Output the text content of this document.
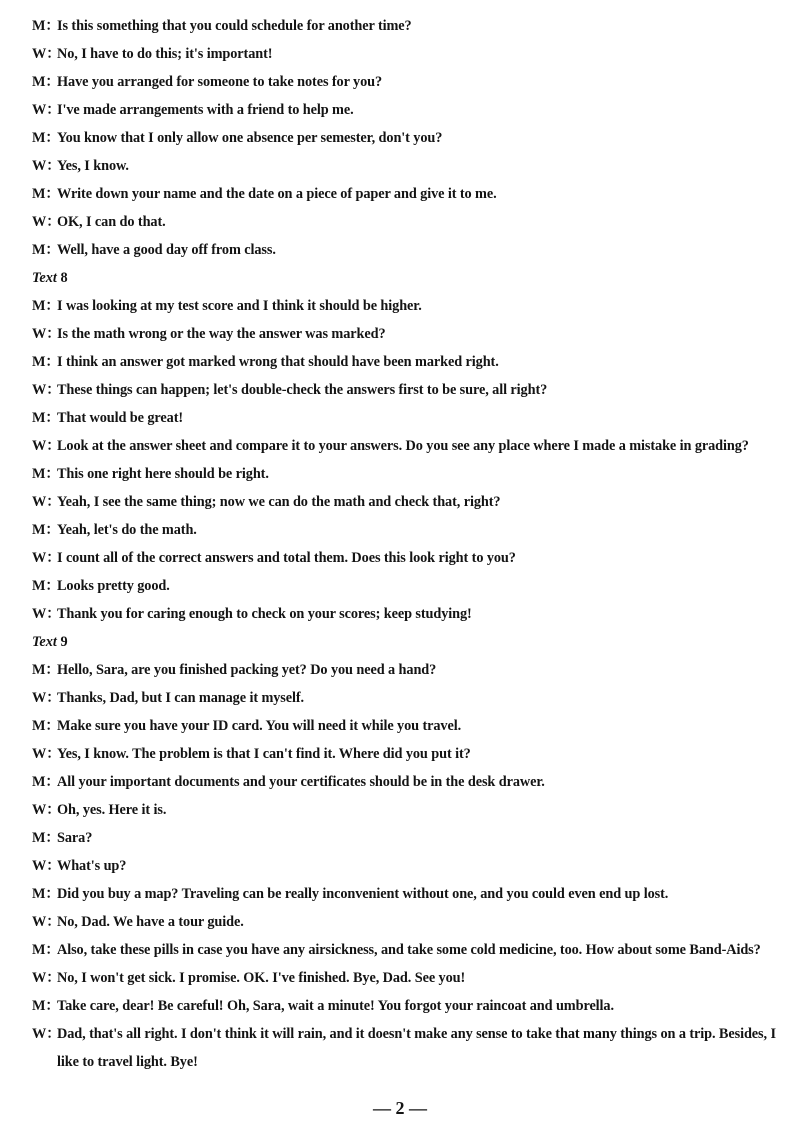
M：
Is this something that you could schedule for another time?
W：
No, I have to do this; it's important!
M：
Have you arranged for someone to take notes for you?
W：
I've made arrangements with a friend to help me.
M：
You know that I only allow one absence per semester, don't you?
W：
Yes, I know.
M：
Write down your name and the date on a piece of paper and give it to me.
W：
OK, I can do that.
M：
Well, have a good day off from class.
Text 8
M：
I was looking at my test score and I think it should be higher.
W：
Is the math wrong or the way the answer was marked?
M：
I think an answer got marked wrong that should have been marked right.
W：
These things can happen; let's double-check the answers first to be sure, all right?
M：
That would be great!
W：
Look at the answer sheet and compare it to your answers. Do you see any place where I made a mistake in grading?
M：
This one right here should be right.
W：
Yeah, I see the same thing; now we can do the math and check that, right?
M：
Yeah, let's do the math.
W：
I count all of the correct answers and total them. Does this look right to you?
M：
Looks pretty good.
W：
Thank you for caring enough to check on your scores; keep studying!
Text 9
M：
Hello, Sara, are you finished packing yet? Do you need a hand?
W：
Thanks, Dad, but I can manage it myself.
M：
Make sure you have your ID card. You will need it while you travel.
W：
Yes, I know. The problem is that I can't find it. Where did you put it?
M：
All your important documents and your certificates should be in the desk drawer.
W：
Oh, yes. Here it is.
M：
Sara?
W：
What's up?
M：
Did you buy a map? Traveling can be really inconvenient without one, and you could even end up lost.
W：
No, Dad. We have a tour guide.
M：
Also, take these pills in case you have any airsickness, and take some cold medicine, too. How about some Band-Aids?
W：
No, I won't get sick. I promise. OK. I've finished. Bye, Dad. See you!
M：
Take care, dear! Be careful! Oh, Sara, wait a minute! You forgot your raincoat and umbrella.
W：
Dad, that's all right. I don't think it will rain, and it doesn't make any sense to take that many things on a trip. Besides, I like to travel light. Bye!
— 2 —
